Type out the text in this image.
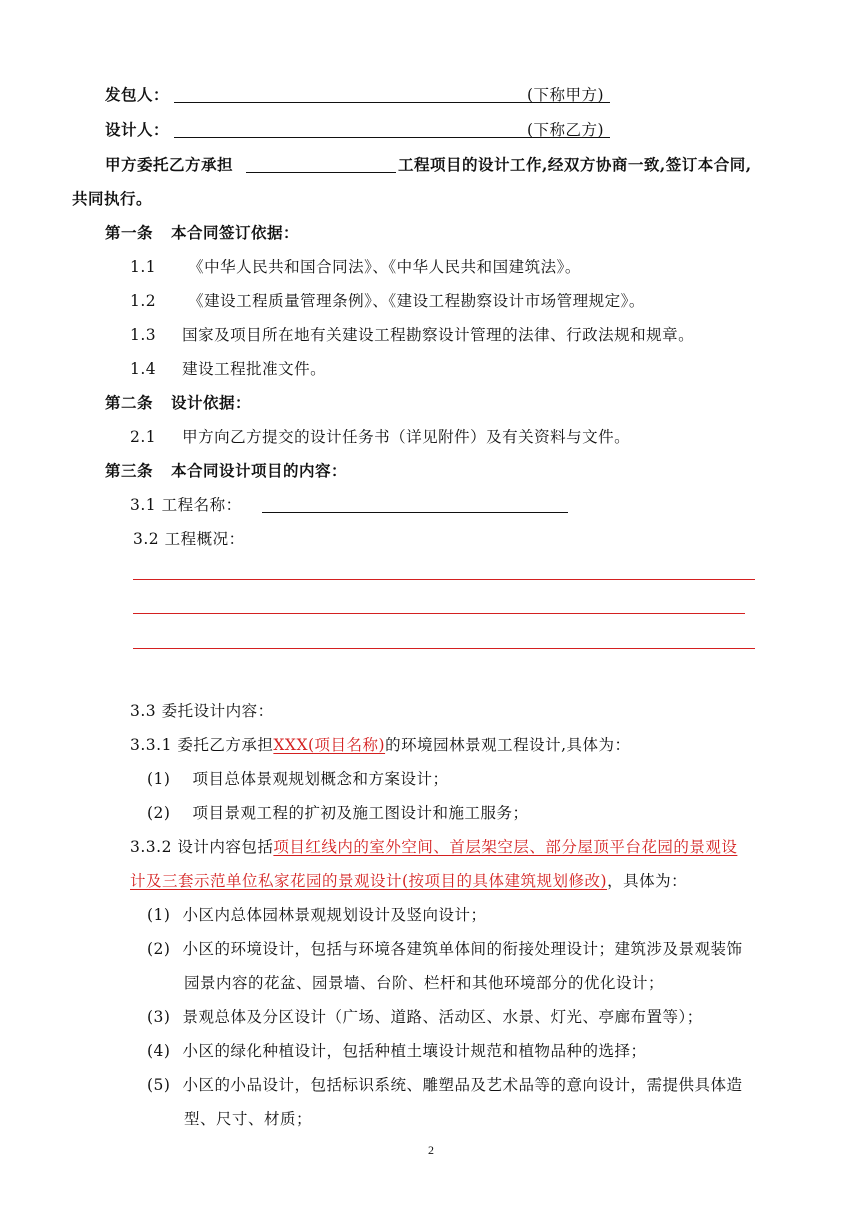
发包人：	(下称甲方)
设计人：	(下称乙方)
甲方委托乙方承担	工程项目的设计工作,经双方协商一致,签订本合同,
共同执行。
第一条 本合同签订依据：
1.1 《中华人民共和国合同法》、《中华人民共和国建筑法》。
1.2 《建设工程质量管理条例》、《建设工程勘察设计市场管理规定》。
1.3 国家及项目所在地有关建设工程勘察设计管理的法律、行政法规和规章。
1.4 建设工程批准文件。
第二条 设计依据：
2.1 甲方向乙方提交的设计任务书（详见附件）及有关资料与文件。
第三条 本合同设计项目的内容：
3.1 工程名称：
3.2 工程概况：
3.3 委托设计内容：
3.3.1 委托乙方承担XXX(项目名称)的环境园林景观工程设计,具体为：
(1) 项目总体景观规划概念和方案设计；
(2) 项目景观工程的扩初及施工图设计和施工服务；
3.3.2 设计内容包括项目红线内的室外空间、首层架空层、部分屋顶平台花园的景观设
计及三套示范单位私家花园的景观设计(按项目的具体建筑规划修改)，具体为：
(1) 小区内总体园林景观规划设计及竖向设计；
(2) 小区的环境设计，包括与环境各建筑单体间的衔接处理设计；建筑涉及景观装饰
园景内容的花盆、园景墙、台阶、栏杆和其他环境部分的优化设计；
(3) 景观总体及分区设计（广场、道路、活动区、水景、灯光、亭廊布置等）；
(4) 小区的绿化种植设计，包括种植土壤设计规范和植物品种的选择；
(5) 小区的小品设计，包括标识系统、雕塑品及艺术品等的意向设计，需提供具体造
型、尺寸、材质；
2
